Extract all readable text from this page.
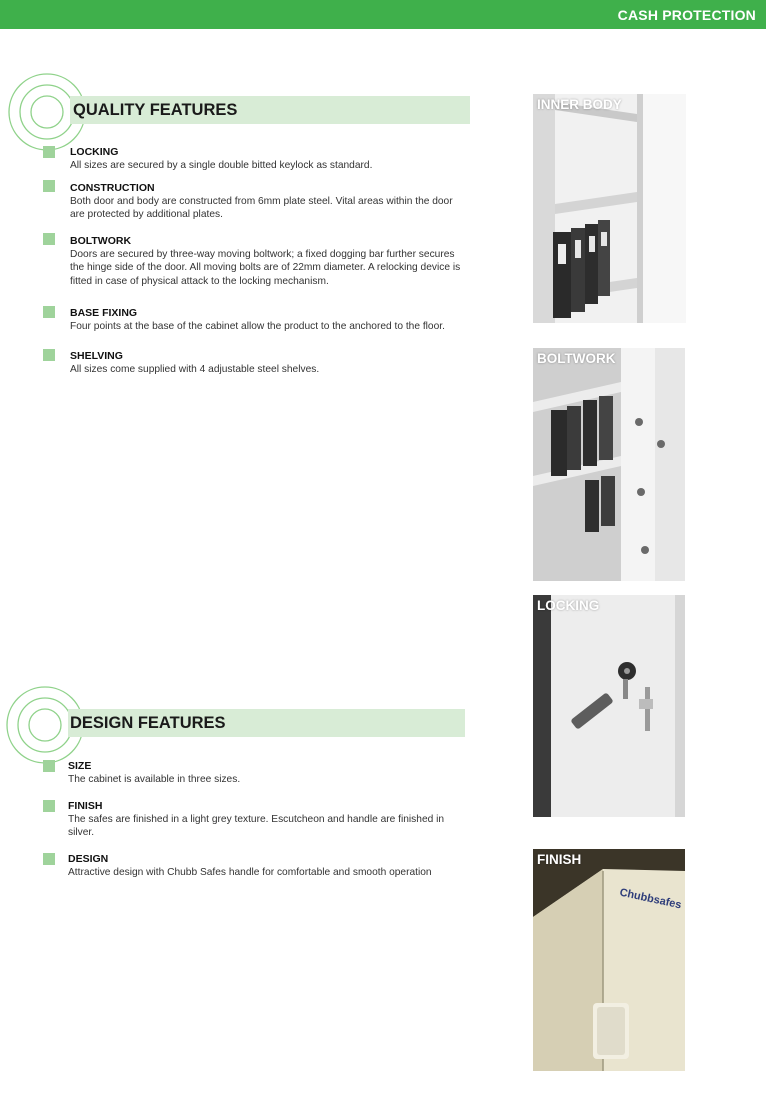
CASH PROTECTION
QUALITY FEATURES
LOCKING
All sizes are secured by a single double bitted keylock as standard.
CONSTRUCTION
Both door and body are constructed from 6mm plate steel. Vital areas within the door are protected by additional plates.
BOLTWORK
Doors are secured by three-way moving boltwork; a fixed dogging bar further secures the hinge side of the door. All moving bolts are of 22mm diameter. A relocking device is fitted in case of physical attack to the locking mechanism.
BASE FIXING
Four points at the base of the cabinet allow the product to the anchored to the floor.
SHELVING
All sizes come supplied with 4 adjustable steel shelves.
DESIGN FEATURES
SIZE
The cabinet is available in three sizes.
FINISH
The safes are finished in a light grey texture. Escutcheon and handle are finished in silver.
DESIGN
Attractive design with Chubb Safes handle for comfortable and smooth operation
INNER BODY
BOLTWORK
LOCKING
Chubbsafes
FINISH
